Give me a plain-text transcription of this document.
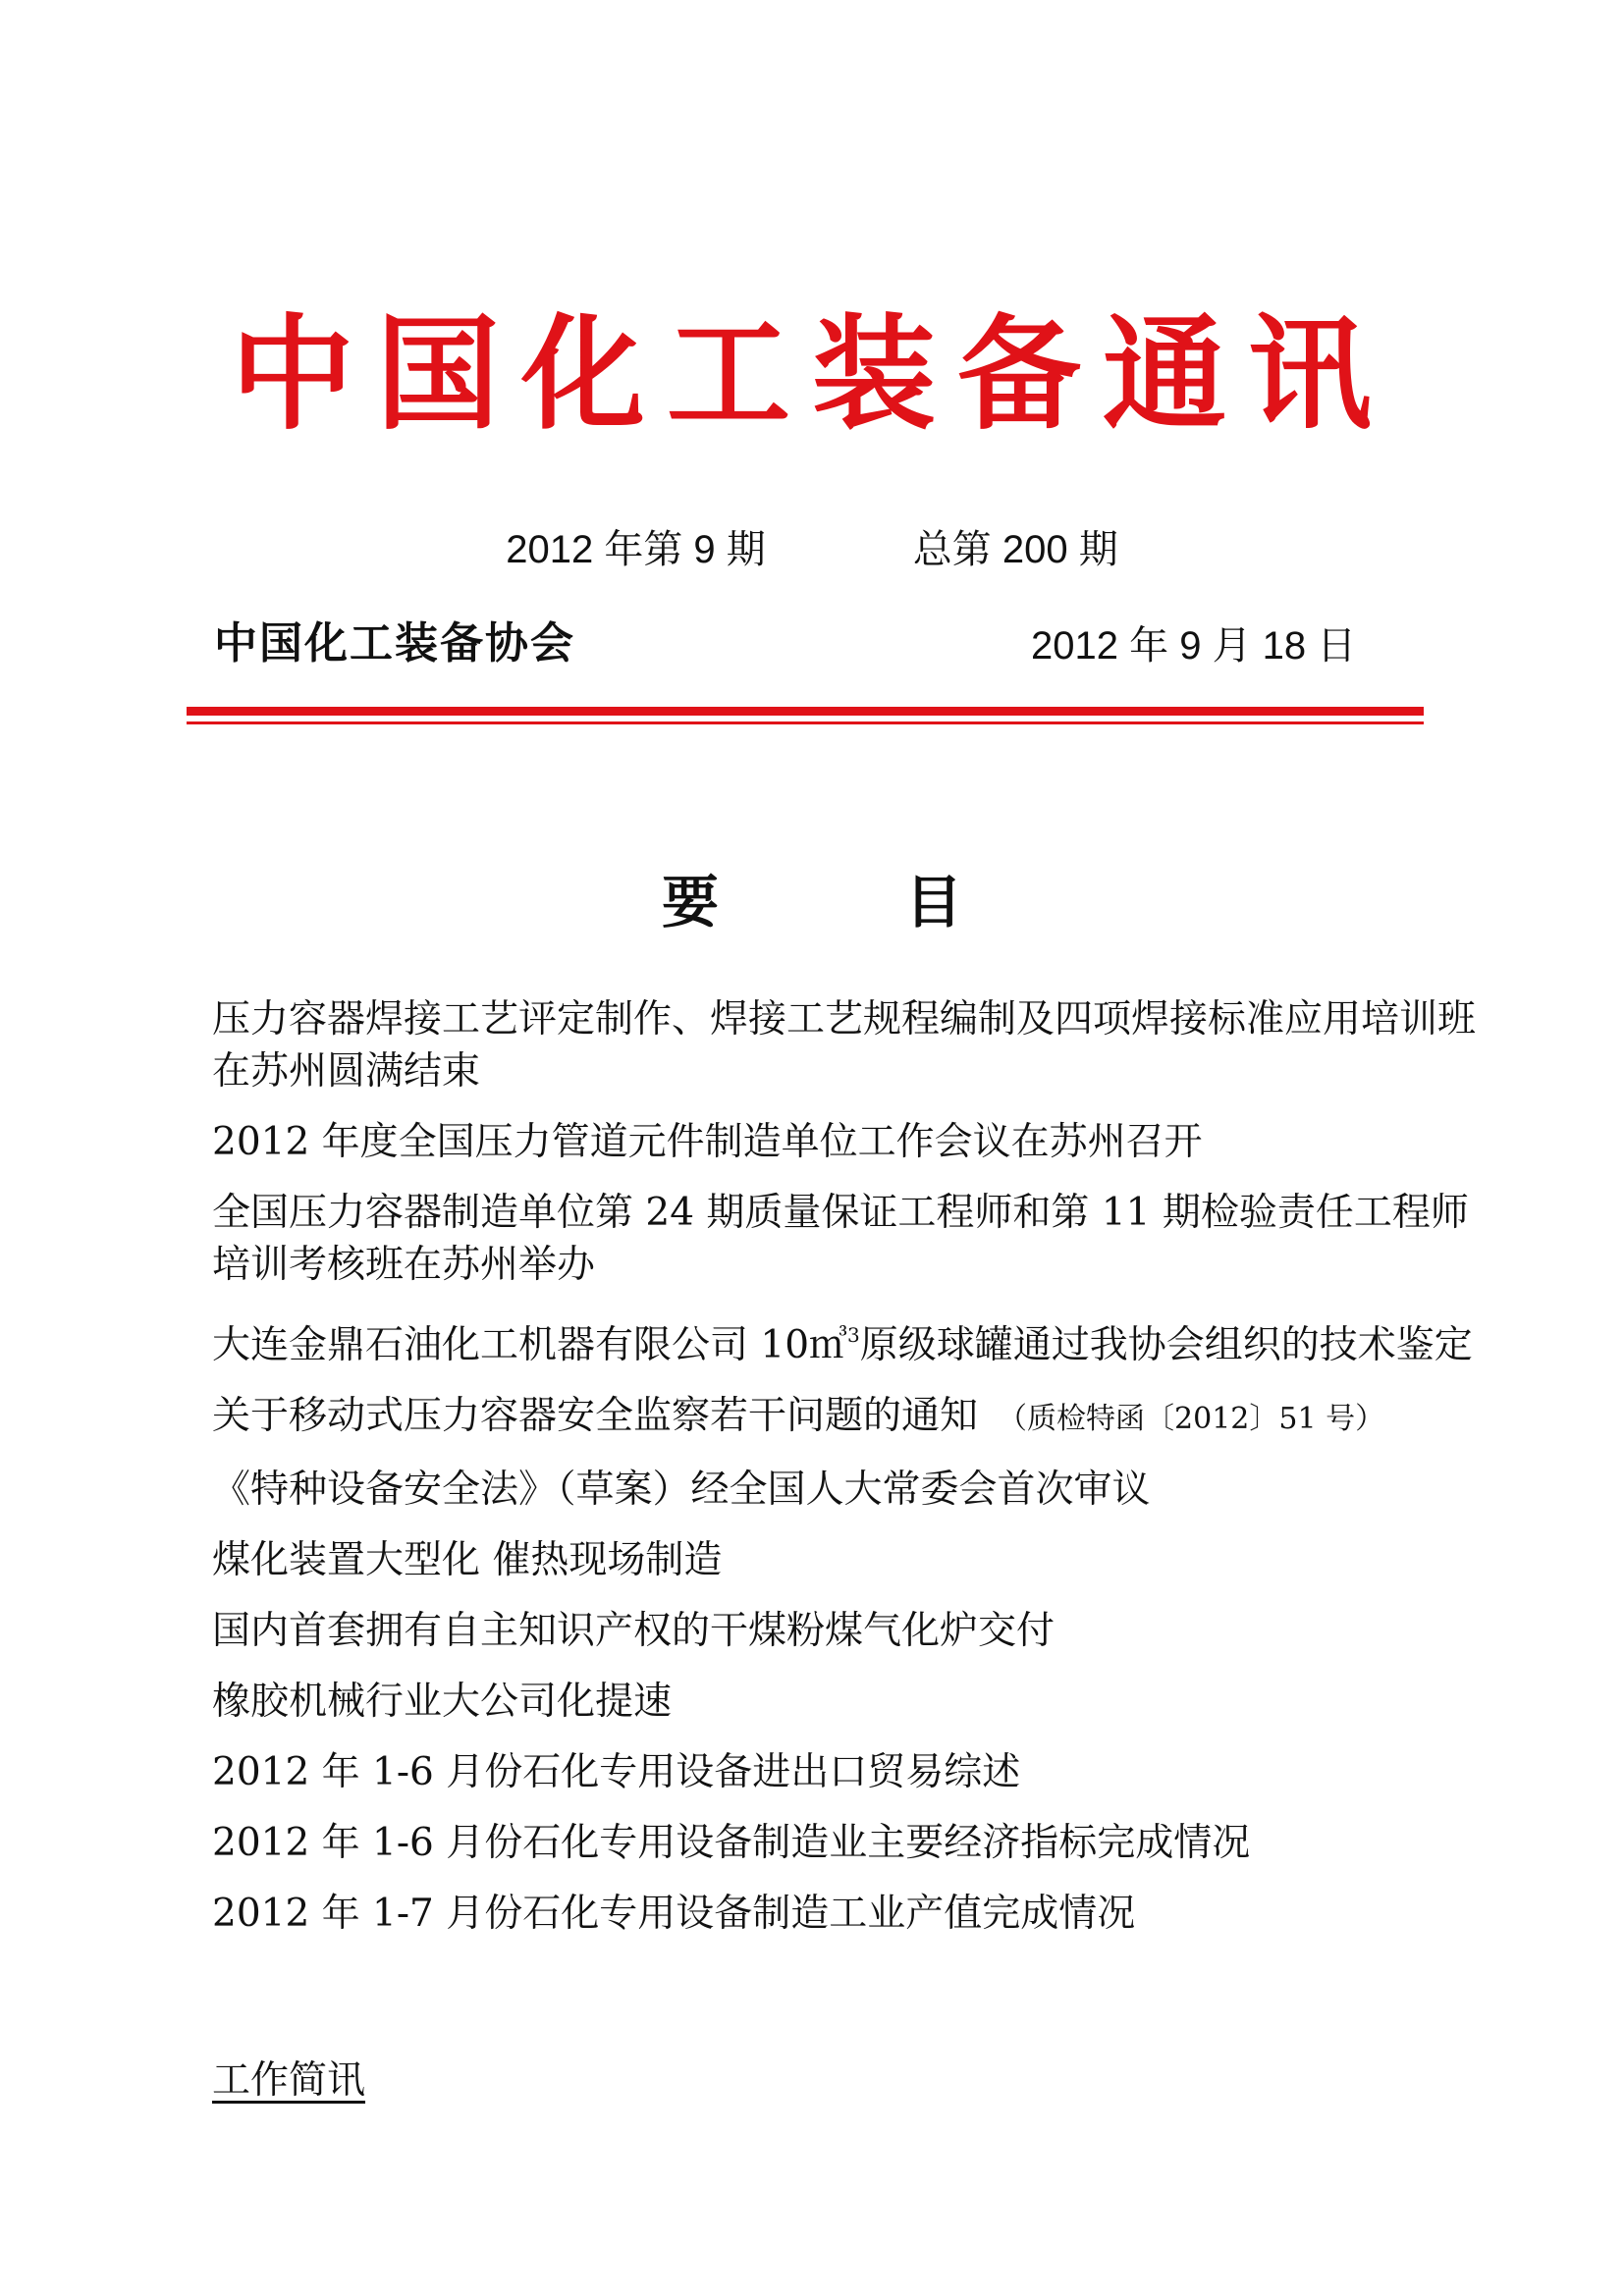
中国化工装备通讯
2012 年第 9 期	总第 200 期
中国化工装备协会	2012 年 9 月 18 日
要	目
压力容器焊接工艺评定制作、焊接工艺规程编制及四项焊接标准应用培训班在苏州圆满结束
2012 年度全国压力管道元件制造单位工作会议在苏州召开
全国压力容器制造单位第 24 期质量保证工程师和第 11 期检验责任工程师培训考核班在苏州举办
大连金鼎石油化工机器有限公司 10㎥$^3$原级球罐通过我协会组织的技术鉴定
关于移动式压力容器安全监察若干问题的通知 （质检特函〔2012〕51 号）
《特种设备安全法》（草案）经全国人大常委会首次审议
煤化装置大型化 催热现场制造
国内首套拥有自主知识产权的干煤粉煤气化炉交付
橡胶机械行业大公司化提速
2012 年 1-6 月份石化专用设备进出口贸易综述
2012 年 1-6 月份石化专用设备制造业主要经济指标完成情况
2012 年 1-7 月份石化专用设备制造工业产值完成情况
工作简讯
